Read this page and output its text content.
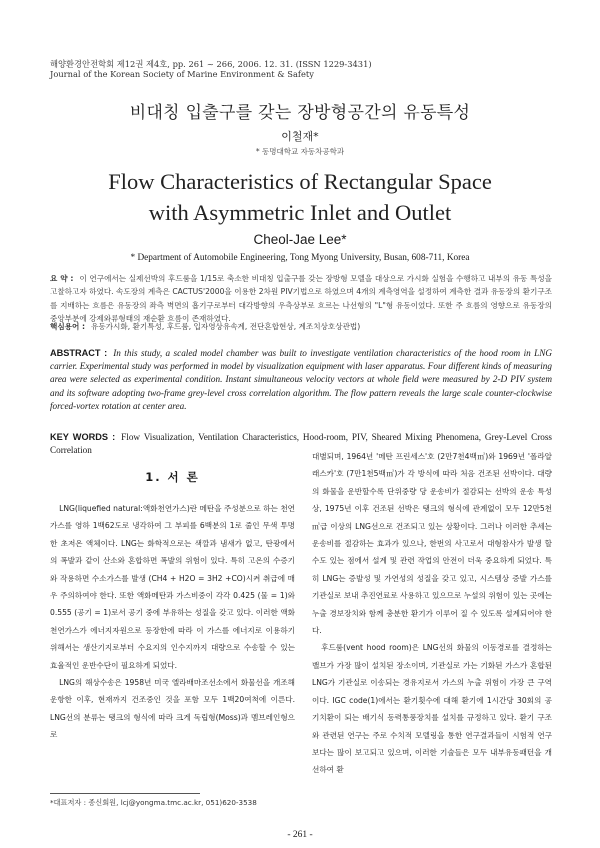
해양환경안전학회 제12권 제4호, pp. 261 ~ 266, 2006. 12. 31. (ISSN 1229-3431)
Journal of the Korean Society of Marine Environment & Safety
비대칭 입출구를 갖는 장방형공간의 유동특성
이철재*
* 동명대학교 자동차공학과
Flow Characteristics of Rectangular Space
with Asymmetric Inlet and Outlet
Cheol-Jae Lee*
* Department of Automobile Engineering, Tong Myong University, Busan, 608-711, Korea
요 약 : 이 연구에서는 실제선박의 후드룸을 1/15로 축소한 비대칭 입출구를 갖는 장방형 모델을 대상으로 가시화 실험을 수행하고 내부의 유동 특성을 고찰하고자 하였다. 속도장의 계측은 CACTUS'2000을 이용한 2차원 PIV기법으로 하였으며 4개의 계측영역을 설정하여 계측한 결과 유동장의 환기구조를 지배하는 흐름은 유동장의 좌측 벽면의 흡기구로부터 대각방향의 우측상부로 흐르는 나선형의 "L"형 유동이었다. 또한 주 흐름의 영향으로 유동장의 중앙부분에 강제와류형태의 재순환 흐름이 존재하였다.
핵심용어 : 유동가시화, 환기특성, 후드룸, 입자영상유속계, 전단혼합현상, 계조치상호상관법)
ABSTRACT : In this study, a scaled model chamber was built to investigate ventilation characteristics of the hood room in LNG carrier. Experimental study was performed in model by visualization equipment with laser apparatus. Four different kinds of measuring area were selected as experimental condition. Instant simultaneous velocity vectors at whole field were measured by 2-D PIV system and its software adopting two-frame grey-level cross correlation algorithm. The flow pattern reveals the large scale counter-clockwise forced-vortex rotation at center area.
KEY WORDS : Flow Visualization, Ventilation Characteristics, Hood-room, PIV, Sheared Mixing Phenomena, Grey-Level Cross Correlation
1. 서 론

LNG(liquefied natural:액화천연가스)란 메탄을 주성분으로 하는 천연가스를 영하 1백62도로 냉각하여 그 부피를 6백분의 1로 줄인 무색 투명한 초저온 액체이다. LNG는 화학적으로는 색깔과 냄새가 없고, 탄광에서의 폭발과 같이 산소와 혼합하면 폭발의 위험이 있다. 특히 고온의 수증기와 작용하면 수소가스를 발생 (CH4 + H2O = 3H2 +CO)시켜 취급에 매우 주의하여야 한다. 또한 액화메탄과 가스비중이 각각 0.425 (물 = 1)와 0.555 (공기 = 1)로서 공기 중에 부유하는 성질을 갖고 있다. 이러한 액화천연가스가 에너지자원으로 등장한에 따라 이 가스를 에너지로 이용하기 위해서는 생산기지로부터 수요지의 인수지까지 대량으로 수송할 수 있는 효율적인 운반수단이 필요하게 되었다.

LNG의 해상수송은 1958년 미국 엘라배마조선소에서 화물선을 개조해 운항한 이후, 현재까지 건조중인 것을 포함 모두 1백20여척에 이른다. LNG선의 분류는 탱크의 형식에 따라 크게 독립형(Moss)과 멤브레인형으로

대별되며, 1964년 '메탄 프린세스'호 (2만7천4백㎥)와 1969년 '폴라알래스카'호 (7만1천5백㎥)가 각 방식에 따라 처음 건조된 선박이다. 대량의 화물을 운반할수록 단위중량 당 운송비가 절감되는 선박의 운송 특성 상, 1975년 이후 건조된 선박은 탱크의 형식에 관계없이 모두 12만5천㎥급 이상의 LNG선으로 건조되고 있는 상황이다. 그러나 이러한 추세는 운송비를 절감하는 효과가 있으나, 한번의 사고로서 대형참사가 발생 할 수도 있는 점에서 설계 및 관련 작업의 안전이 더욱 중요하게 되었다. 특히 LNG는 증발성 및 가연성의 성질을 갖고 있고, 시스템상 증발 가스를 기관실로 보내 추진연료로 사용하고 있으므로 누설의 위험이 있는 곳에는 누출 경보장치와 함께 충분한 환기가 이루어 질 수 있도록 설계되어야 한다.

후드룸(vent hood room)은 LNG선의 화물의 이동경로를 결정하는 밸브가 가장 많이 설치된 장소이며, 기관실로 가는 기화된 가스가 혼합된 LNG가 기관실로 이송되는 경유지로서 가스의 누출 위험이 가장 큰 구역이다. IGC code(1)에서는 환기횟수에 대해 환기에 1시간당 30회의 공기치환이 되는 배기식 동력통풍장치를 설치를 규정하고 있다. 환기 구조와 관련된 연구는 주로 수치적 모델링을 통한 연구결과들이 시험적 연구보다는 많이 보고되고 있으며, 이러한 기술들은 모두 내부유동패턴을 개선하여 환

*대표저자 : 종신회원, lcj@yongma.tmc.ac.kr, 051)620-3538
- 261 -
